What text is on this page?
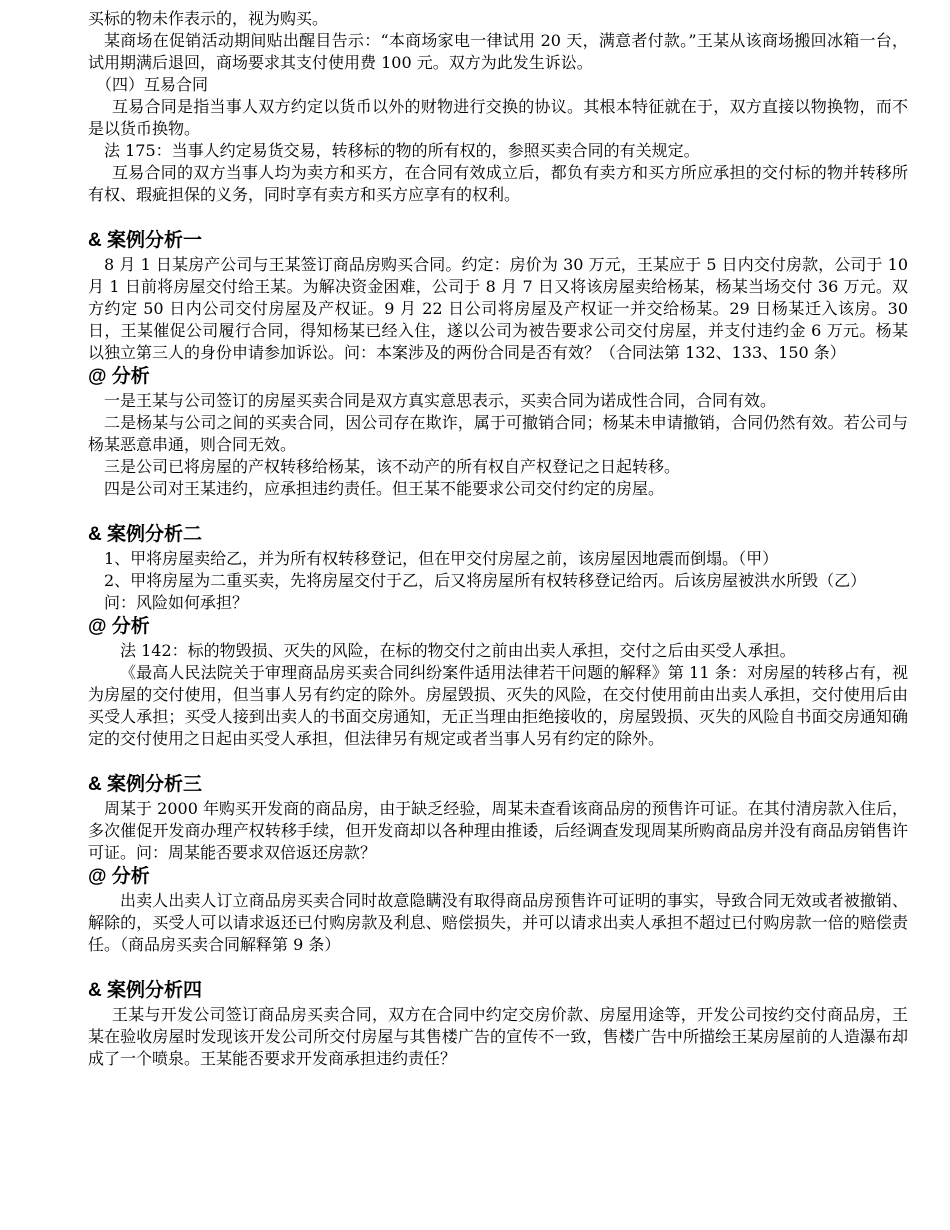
买标的物未作表示的，视为购买。

某商场在促销活动期间贴出醒目告示：“本商场家电一律试用 20 天，满意者付款。”王某从该商场搬回冰箱一台，试用期满后退回，商场要求其支付使用费 100 元。双方为此发生诉讼。

（四）互易合同

互易合同是指当事人双方约定以货币以外的财物进行交换的协议。其根本特征就在于，双方直接以物换物，而不是以货币换物。

法 175：当事人约定易货交易，转移标的物的所有权的，参照买卖合同的有关规定。

互易合同的双方当事人均为卖方和买方，在合同有效成立后，都负有卖方和买方所应承担的交付标的物并转移所有权、瑕疵担保的义务，同时享有卖方和买方应享有的权利。

& 案例分析一

8 月 1 日某房产公司与王某签订商品房购买合同。约定：房价为 30 万元，王某应于 5 日内交付房款，公司于 10 月 1 日前将房屋交付给王某。为解决资金困难，公司于 8 月 7 日又将该房屋卖给杨某，杨某当场交付 36 万元。双方约定 50 日内公司交付房屋及产权证。9 月 22 日公司将房屋及产权证一并交给杨某。29 日杨某迁入该房。30 日，王某催促公司履行合同，得知杨某已经入住，遂以公司为被告要求公司交付房屋，并支付违约金 6 万元。杨某以独立第三人的身份申请参加诉讼。问：本案涉及的两份合同是否有效？（合同法第 132、133、150 条）

@ 分析

一是王某与公司签订的房屋买卖合同是双方真实意思表示，买卖合同为诺成性合同，合同有效。

二是杨某与公司之间的买卖合同，因公司存在欺诈，属于可撤销合同；杨某未申请撤销，合同仍然有效。若公司与杨某恶意串通，则合同无效。

三是公司已将房屋的产权转移给杨某，该不动产的所有权自产权登记之日起转移。

四是公司对王某违约，应承担违约责任。但王某不能要求公司交付约定的房屋。

& 案例分析二

1、甲将房屋卖给乙，并为所有权转移登记，但在甲交付房屋之前，该房屋因地震而倒塌。（甲）

2、甲将房屋为二重买卖，先将房屋交付于乙，后又将房屋所有权转移登记给丙。后该房屋被洪水所毁（乙）

问：风险如何承担？

@ 分析

法 142：标的物毁损、灭失的风险，在标的物交付之前由出卖人承担，交付之后由买受人承担。

《最高人民法院关于审理商品房买卖合同纠纷案件适用法律若干问题的解释》第 11 条：对房屋的转移占有，视为房屋的交付使用，但当事人另有约定的除外。房屋毁损、灭失的风险，在交付使用前由出卖人承担，交付使用后由买受人承担；买受人接到出卖人的书面交房通知，无正当理由拒绝接收的，房屋毁损、灭失的风险自书面交房通知确定的交付使用之日起由买受人承担，但法律另有规定或者当事人另有约定的除外。

& 案例分析三

周某于 2000 年购买开发商的商品房，由于缺乏经验，周某未查看该商品房的预售许可证。在其付清房款入住后，多次催促开发商办理产权转移手续，但开发商却以各种理由推诿，后经调查发现周某所购商品房并没有商品房销售许可证。问：周某能否要求双倍返还房款？

@ 分析

出卖人出卖人订立商品房买卖合同时故意隐瞒没有取得商品房预售许可证明的事实，导致合同无效或者被撤销、解除的，买受人可以请求返还已付购房款及利息、赔偿损失，并可以请求出卖人承担不超过已付购房款一倍的赔偿责任。（商品房买卖合同解释第 9 条）

& 案例分析四

王某与开发公司签订商品房买卖合同，双方在合同中约定交房价款、房屋用途等，开发公司按约交付商品房，王某在验收房屋时发现该开发公司所交付房屋与其售楼广告的宣传不一致，售楼广告中所描绘王某房屋前的人造瀑布却成了一个喷泉。王某能否要求开发商承担违约责任？
